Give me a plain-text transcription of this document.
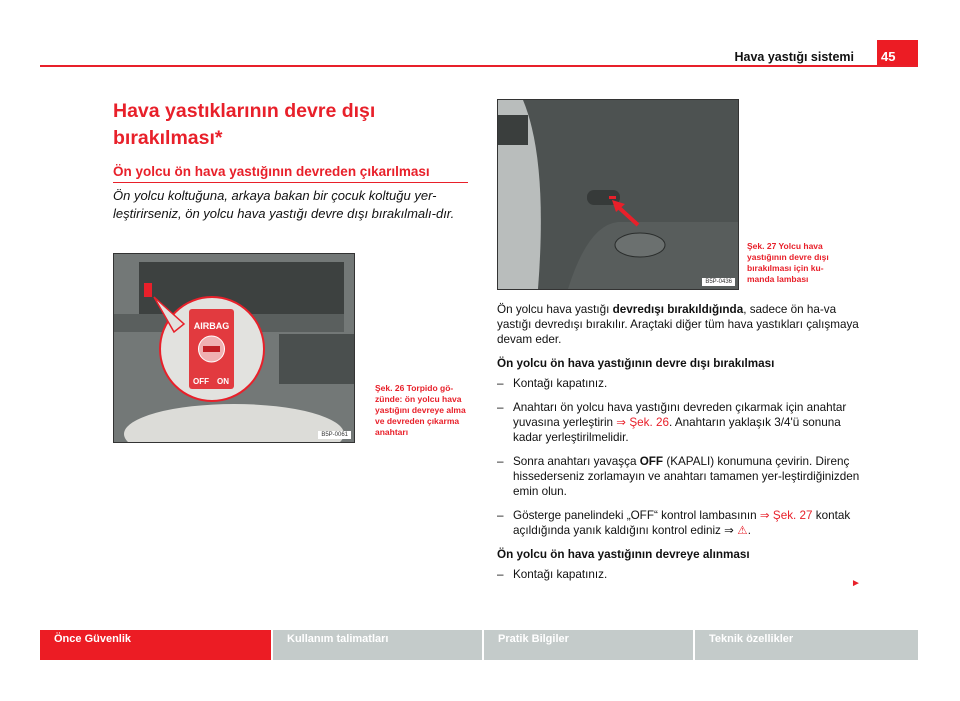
Hava yastığı sistemi	45
Hava yastıklarının devre dışı bırakılması*
Ön yolcu ön hava yastığının devreden çıkarılması
Ön yolcu koltuğuna, arkaya bakan bir çocuk koltuğu yer-leştirirseniz, ön yolcu hava yastığı devre dışı bırakılmalı-dır.
AIRBAG
OFF ON
B5P-0061
Şek. 26 Torpido gö-zünde: ön yolcu hava yastığını devreye alma ve devreden çıkarma anahtarı
B5P-0436
Şek. 27 Yolcu hava yastığının devre dışı bırakılması için ku-manda lambası

Ön yolcu hava yastığı devredışı bırakıldığında, sadece ön ha-va yastığı devredışı bırakılır. Araçtaki diğer tüm hava yastıkları çalışmaya devam eder.

Ön yolcu ön hava yastığının devre dışı bırakılması

– Kontağı kapatınız.
– Anahtarı ön yolcu hava yastığını devreden çıkarmak için anahtar yuvasına yerleştirin ⇒ Şek. 26. Anahtarın yaklaşık 3/4'ü sonuna kadar yerleştirilmelidir.
– Sonra anahtarı yavaşça OFF (KAPALI) konumuna çevirin. Direnç hissederseniz zorlamayın ve anahtarı tamamen yer-leştirdiğinizden emin olun.
– Gösterge panelindeki „OFF“ kontrol lambasının ⇒ Şek. 27 kontak açıldığında yanık kaldığını kontrol ediniz ⇒ ⚠.

Ön yolcu ön hava yastığının devreye alınması

– Kontağı kapatınız.
►
Önce Güvenlik	Kullanım talimatları	Pratik Bilgiler	Teknik özellikler
